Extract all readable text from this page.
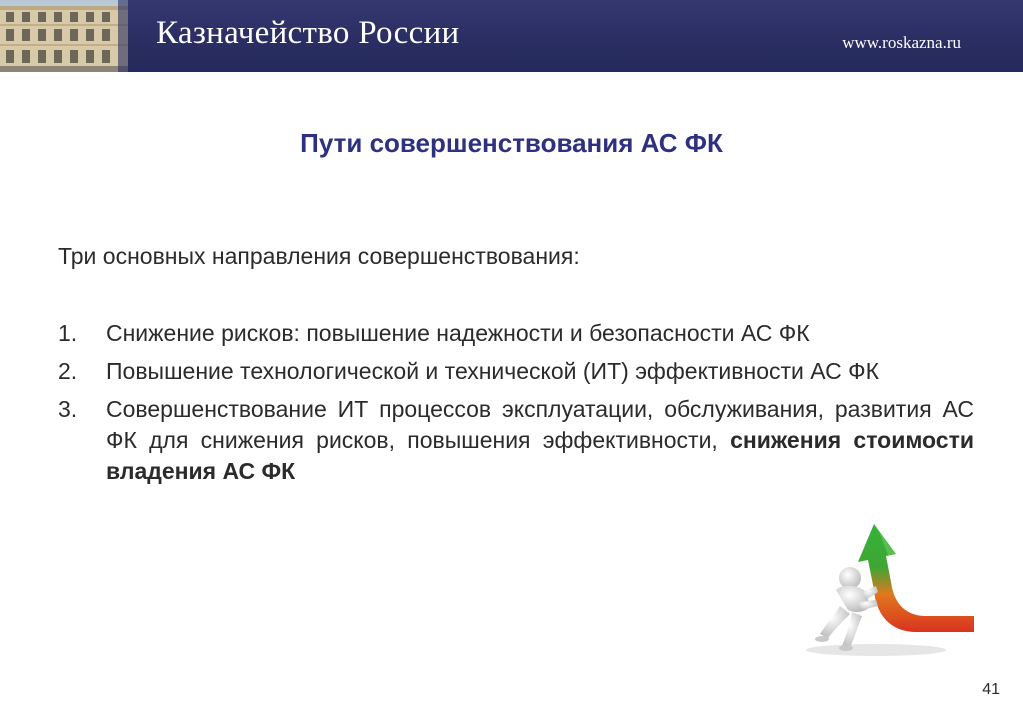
Казначейство России	www.roskazna.ru
Пути совершенствования АС ФК
Три основных направления совершенствования:
1. Снижение рисков: повышение надежности и безопасности АС ФК
2. Повышение технологической и технической (ИТ) эффективности АС ФК
3. Совершенствование ИТ процессов эксплуатации, обслуживания, развития АС ФК для снижения рисков, повышения эффективности, снижения стоимости владения АС ФК
41
